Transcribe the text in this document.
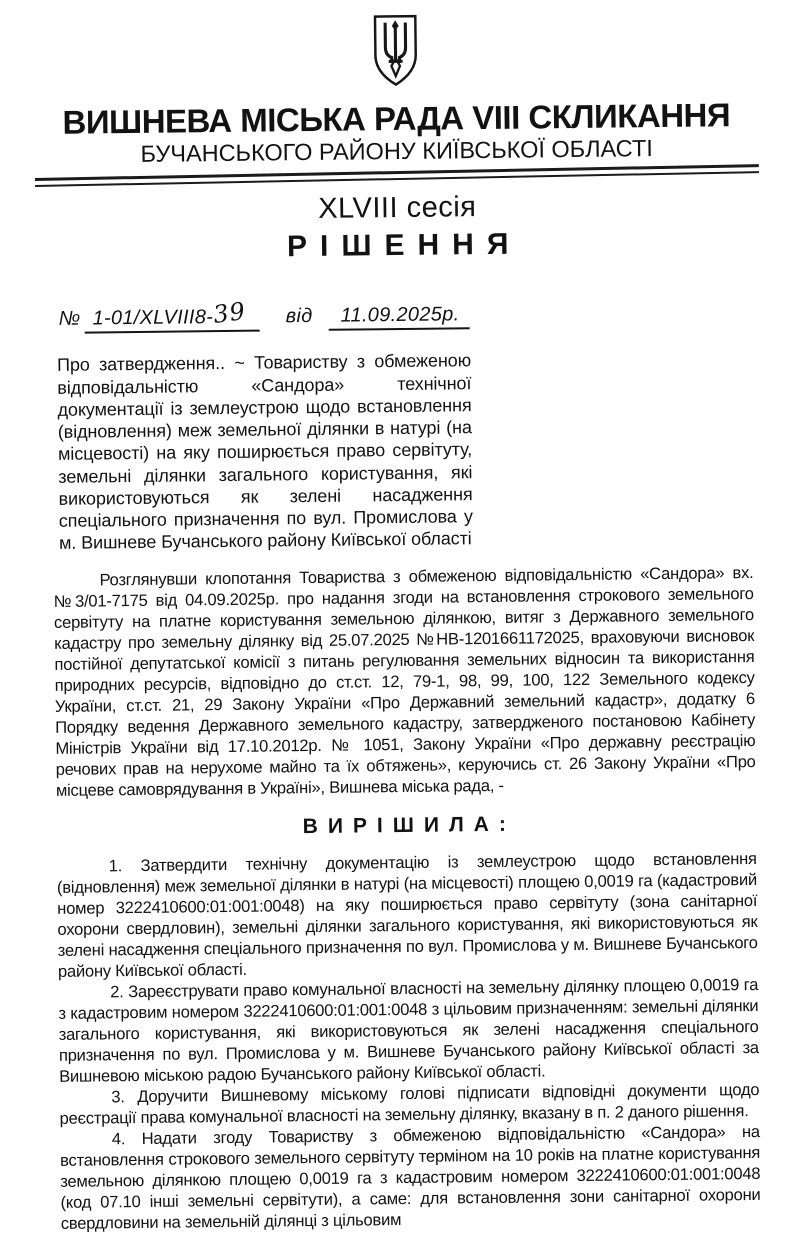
ВИШНЕВА МІСЬКА РАДА VIII СКЛИКАННЯ
БУЧАНСЬКОГО РАЙОНУ КИЇВСЬКОЇ ОБЛАСТІ
XLVIII сесія
РІШЕННЯ
№ 1-01/XLVIII8-39 від 11.09.2025р.
Про затвердження.. ~ Товариству з обмеженою відповідальністю «Сандора» технічної документації із землеустрою щодо встановлення (відновлення) меж земельної ділянки в натурі (на місцевості) на яку поширюється право сервітуту, земельні ділянки загального користування, які використовуються як зелені насадження спеціального призначення по вул. Промислова у м. Вишневе Бучанського району Київської області
Розглянувши клопотання Товариства з обмеженою відповідальністю «Сандора» вх.№3/01-7175 від 04.09.2025р. про надання згоди на встановлення строкового земельного сервітуту на платне користування земельною ділянкою, витяг з Державного земельного кадастру про земельну ділянку від 25.07.2025 №НВ-1201661172025, враховуючи висновок постійної депутатської комісії з питань регулювання земельних відносин та використання природних ресурсів, відповідно до ст.ст. 12, 79-1, 98, 99, 100, 122 Земельного кодексу України, ст.ст. 21, 29 Закону України «Про Державний земельний кадастр», додатку 6 Порядку ведення Державного земельного кадастру, затвердженого постановою Кабінету Міністрів України від 17.10.2012р. № 1051, Закону України «Про державну реєстрацію речових прав на нерухоме майно та їх обтяжень», керуючись ст. 26 Закону України «Про місцеве самоврядування в Україні», Вишнева міська рада, -
ВИРІШИЛА:

1. Затвердити технічну документацію із землеустрою щодо встановлення (відновлення) меж земельної ділянки в натурі (на місцевості) площею 0,0019 га (кадастровий номер 3222410600:01:001:0048) на яку поширюється право сервітуту (зона санітарної охорони свердловин), земельні ділянки загального користування, які використовуються як зелені насадження спеціального призначення по вул. Промислова у м. Вишневе Бучанського району Київської області.

2. Зареєструвати право комунальної власності на земельну ділянку площею 0,0019 га з кадастровим номером 3222410600:01:001:0048 з цільовим призначенням: земельні ділянки загального користування, які використовуються як зелені насадження спеціального призначення по вул. Промислова у м. Вишневе Бучанського району Київської області за Вишневою міською радою Бучанського району Київської області.

3. Доручити Вишневому міському голові підписати відповідні документи щодо реєстрації права комунальної власності на земельну ділянку, вказану в п. 2 даного рішення.

4. Надати згоду Товариству з обмеженою відповідальністю «Сандора» на встановлення строкового земельного сервітуту терміном на 10 років на платне користування земельною ділянкою площею 0,0019 га з кадастровим номером 3222410600:01:001:0048 (код 07.10 інші земельні сервітути), а саме: для встановлення зони санітарної охорони свердловини на земельній ділянці з цільовим
